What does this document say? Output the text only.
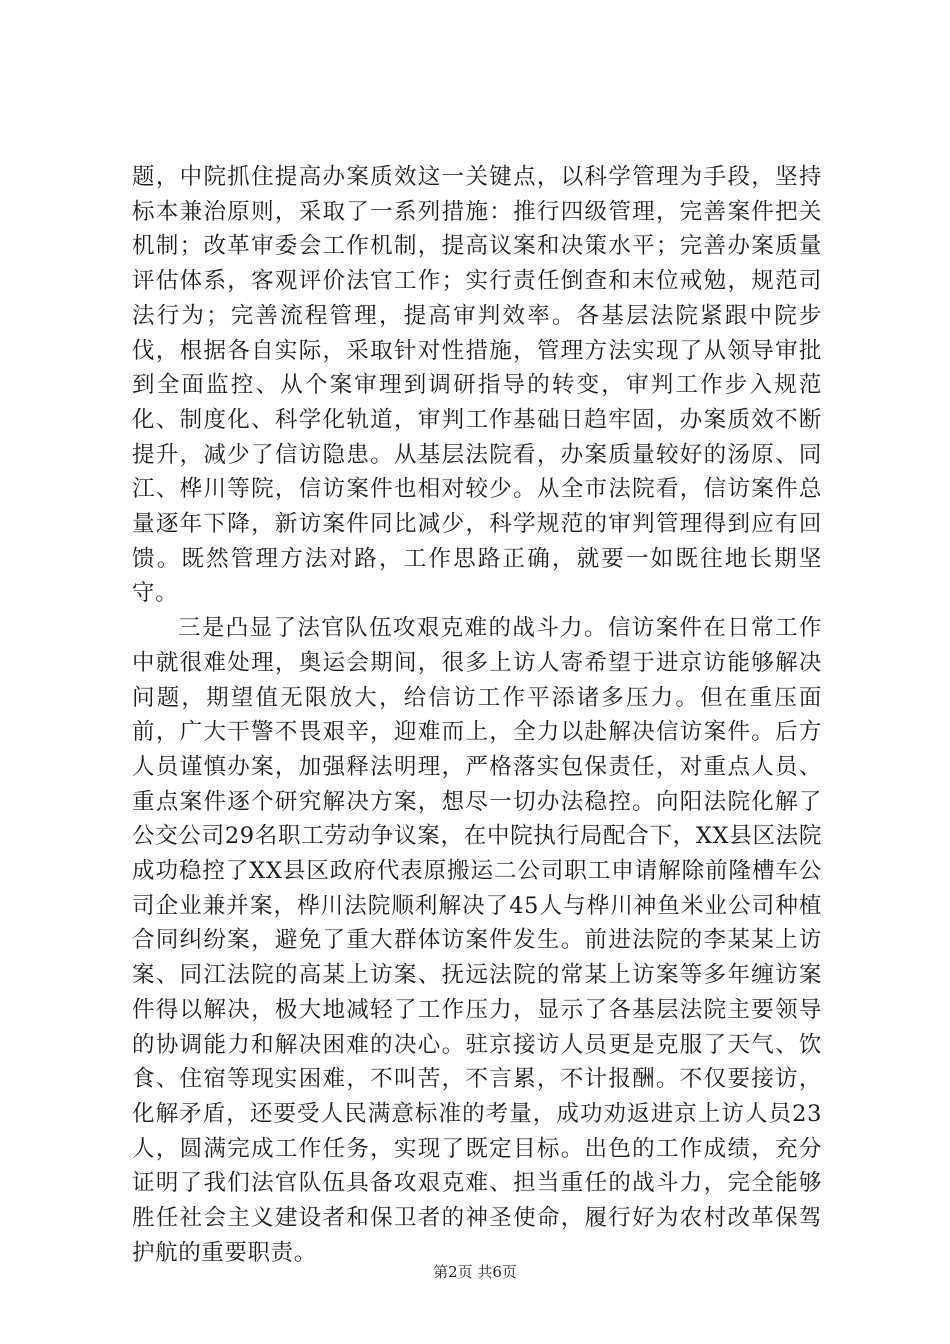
题，中院抓住提高办案质效这一关键点，以科学管理为手段，坚持标本兼治原则，采取了一系列措施：推行四级管理，完善案件把关机制；改革审委会工作机制，提高议案和决策水平；完善办案质量评估体系，客观评价法官工作；实行责任倒查和末位戒勉，规范司法行为；完善流程管理，提高审判效率。各基层法院紧跟中院步伐，根据各自实际，采取针对性措施，管理方法实现了从领导审批到全面监控、从个案审理到调研指导的转变，审判工作步入规范化、制度化、科学化轨道，审判工作基础日趋牢固，办案质效不断提升，减少了信访隐患。从基层法院看，办案质量较好的汤原、同江、桦川等院，信访案件也相对较少。从全市法院看，信访案件总量逐年下降，新访案件同比减少，科学规范的审判管理得到应有回馈。既然管理方法对路，工作思路正确，就要一如既往地长期坚守。

三是凸显了法官队伍攻艰克难的战斗力。信访案件在日常工作中就很难处理，奥运会期间，很多上访人寄希望于进京访能够解决问题，期望值无限放大，给信访工作平添诸多压力。但在重压面前，广大干警不畏艰辛，迎难而上，全力以赴解决信访案件。后方人员谨慎办案，加强释法明理，严格落实包保责任，对重点人员、重点案件逐个研究解决方案，想尽一切办法稳控。向阳法院化解了公交公司29名职工劳动争议案，在中院执行局配合下，XX县区法院成功稳控了XX县区政府代表原搬运二公司职工申请解除前隆槽车公司企业兼并案，桦川法院顺利解决了45人与桦川神鱼米业公司种植合同纠纷案，避免了重大群体访案件发生。前进法院的李某某上访案、同江法院的高某上访案、抚远法院的常某上访案等多年缠访案件得以解决，极大地减轻了工作压力，显示了各基层法院主要领导的协调能力和解决困难的决心。驻京接访人员更是克服了天气、饮食、住宿等现实困难，不叫苦，不言累，不计报酬。不仅要接访，化解矛盾，还要受人民满意标准的考量，成功劝返进京上访人员23人，圆满完成工作任务，实现了既定目标。出色的工作成绩，充分证明了我们法官队伍具备攻艰克难、担当重任的战斗力，完全能够胜任社会主义建设者和保卫者的神圣使命，履行好为农村改革保驾护航的重要职责。

第2页 共6页
